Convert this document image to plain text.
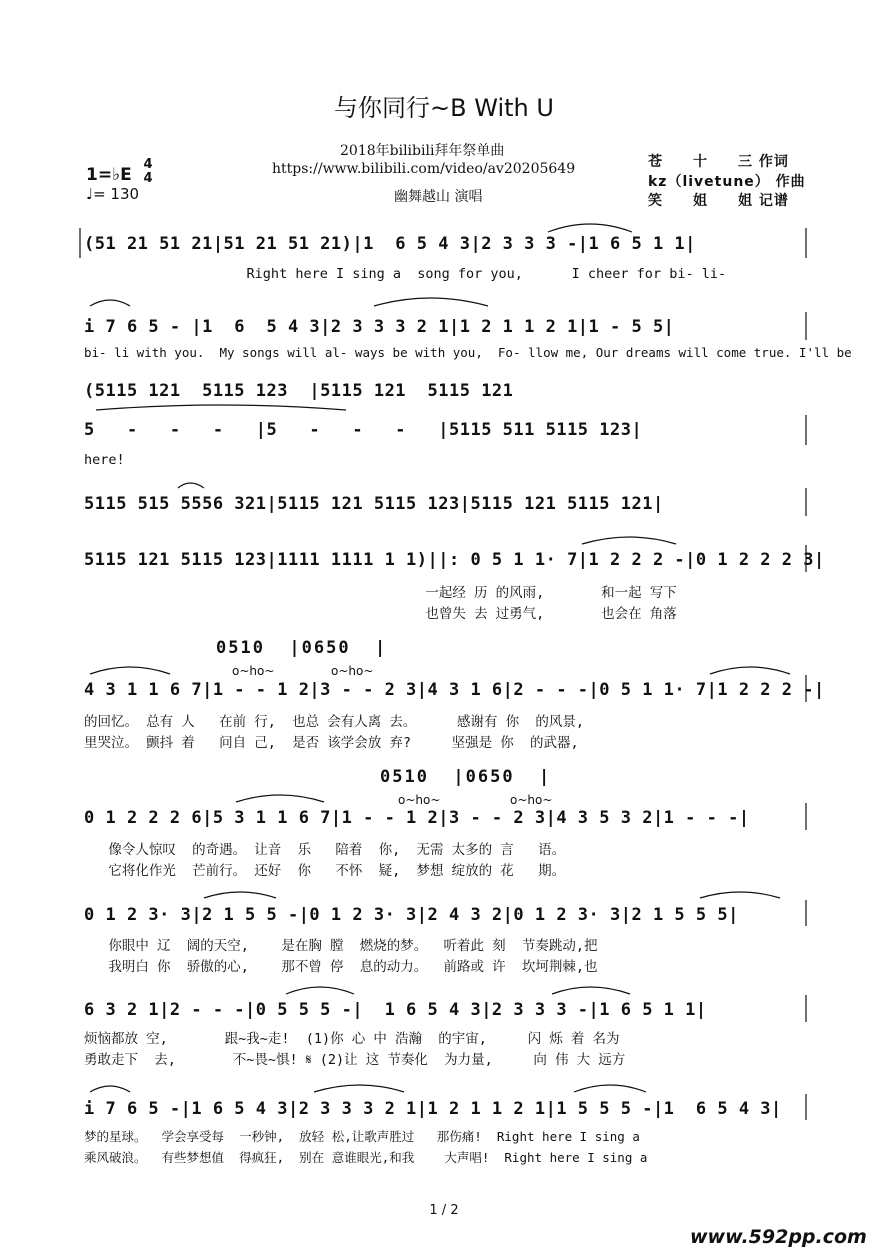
与你同行~B With U
2018年bilibili拜年祭单曲
https://www.bilibili.com/video/av20205649
幽舞越山 演唱
苍　　十　　三 作词
kz（livetune） 作曲
笑　　姐　　姐 记谱
1=♭E
4
4
♩= 130
(51 21 51 21|51 21 51 21)|1  6 5 4 3|2 3 3 3 -|1 6 5 1 1|
Right here I sing a  song for you,      I cheer for bi- li-
i 7 6 5 - |1  6  5 4 3|2 3 3 3 2 1|1 2 1 1 2 1|1 - 5 5|
bi- li with you.  My songs will al- ways be with you,  Fo- llow me, Our dreams will come true. I'll be
(5115 121  5115 123  |5115 121  5115 121
5   -   -   -   |5   -   -   -   |5115 511 5115 123|
here!
5115 515 5556 321|5115 121 5115 123|5115 121 5115 121|
5115 121 5115 123|1111 1111 1 1)||: 0 5 1 1· 7|1 2 2 2 -|0 1 2 2 2 3|
一起经 历 的风雨,       和一起 写下
也曾失 去 过勇气,       也会在 角落
0510  |0650  |
o~ho~	o~ho~
4 3 1 1 6 7|1 - - 1 2|3 - - 2 3|4 3 1 6|2 - - -|0 5 1 1· 7|1 2 2 2 -|
的回忆。 总有 人   在前 行,  也总 会有人离 去。     感谢有 你  的风景,
里哭泣。 颤抖 着   问自 己,  是否 该学会放 弃?     坚强是 你  的武器,
0510  |0650  |
o~ho~	o~ho~
0 1 2 2 2 6|5 3 1 1 6 7|1 - - 1 2|3 - - 2 3|4 3 5 3 2|1 - - -|
像令人惊叹  的奇遇。 让音  乐   陪着  你,  无需 太多的 言   语。
它将化作光  芒前行。 还好  你   不怀  疑,  梦想 绽放的 花   期。
0 1 2 3· 3|2 1 5 5 -|0 1 2 3· 3|2 4 3 2|0 1 2 3· 3|2 1 5 5 5|
你眼中 辽  阔的天空,    是在胸 膛  燃烧的梦。  听着此 刻  节奏跳动,把
我明白 你  骄傲的心,    那不曾 停  息的动力。  前路或 许  坎坷荆棘,也
6 3 2 1|2 - - -|0 5 5 5 -|  1 6 5 4 3|2 3 3 3 -|1 6 5 1 1|
烦恼都放 空,       跟~我~走!  (1)你 心 中 浩瀚  的宇宙,     闪 烁 着 名为
勇敢走下  去,       不~畏~惧! 𝄋 (2)让 这 节奏化  为力量,     向 伟 大 远方
i 7 6 5 -|1 6 5 4 3|2 3 3 3 2 1|1 2 1 1 2 1|1 5 5 5 -|1  6 5 4 3|
梦的星球。  学会享受每  一秒钟,  放轻 松,让歌声胜过   那伤痛!  Right here I sing a
乘风破浪。  有些梦想值  得疯狂,  别在 意谁眼光,和我    大声唱!  Right here I sing a
1 / 2
www.592pp.com
